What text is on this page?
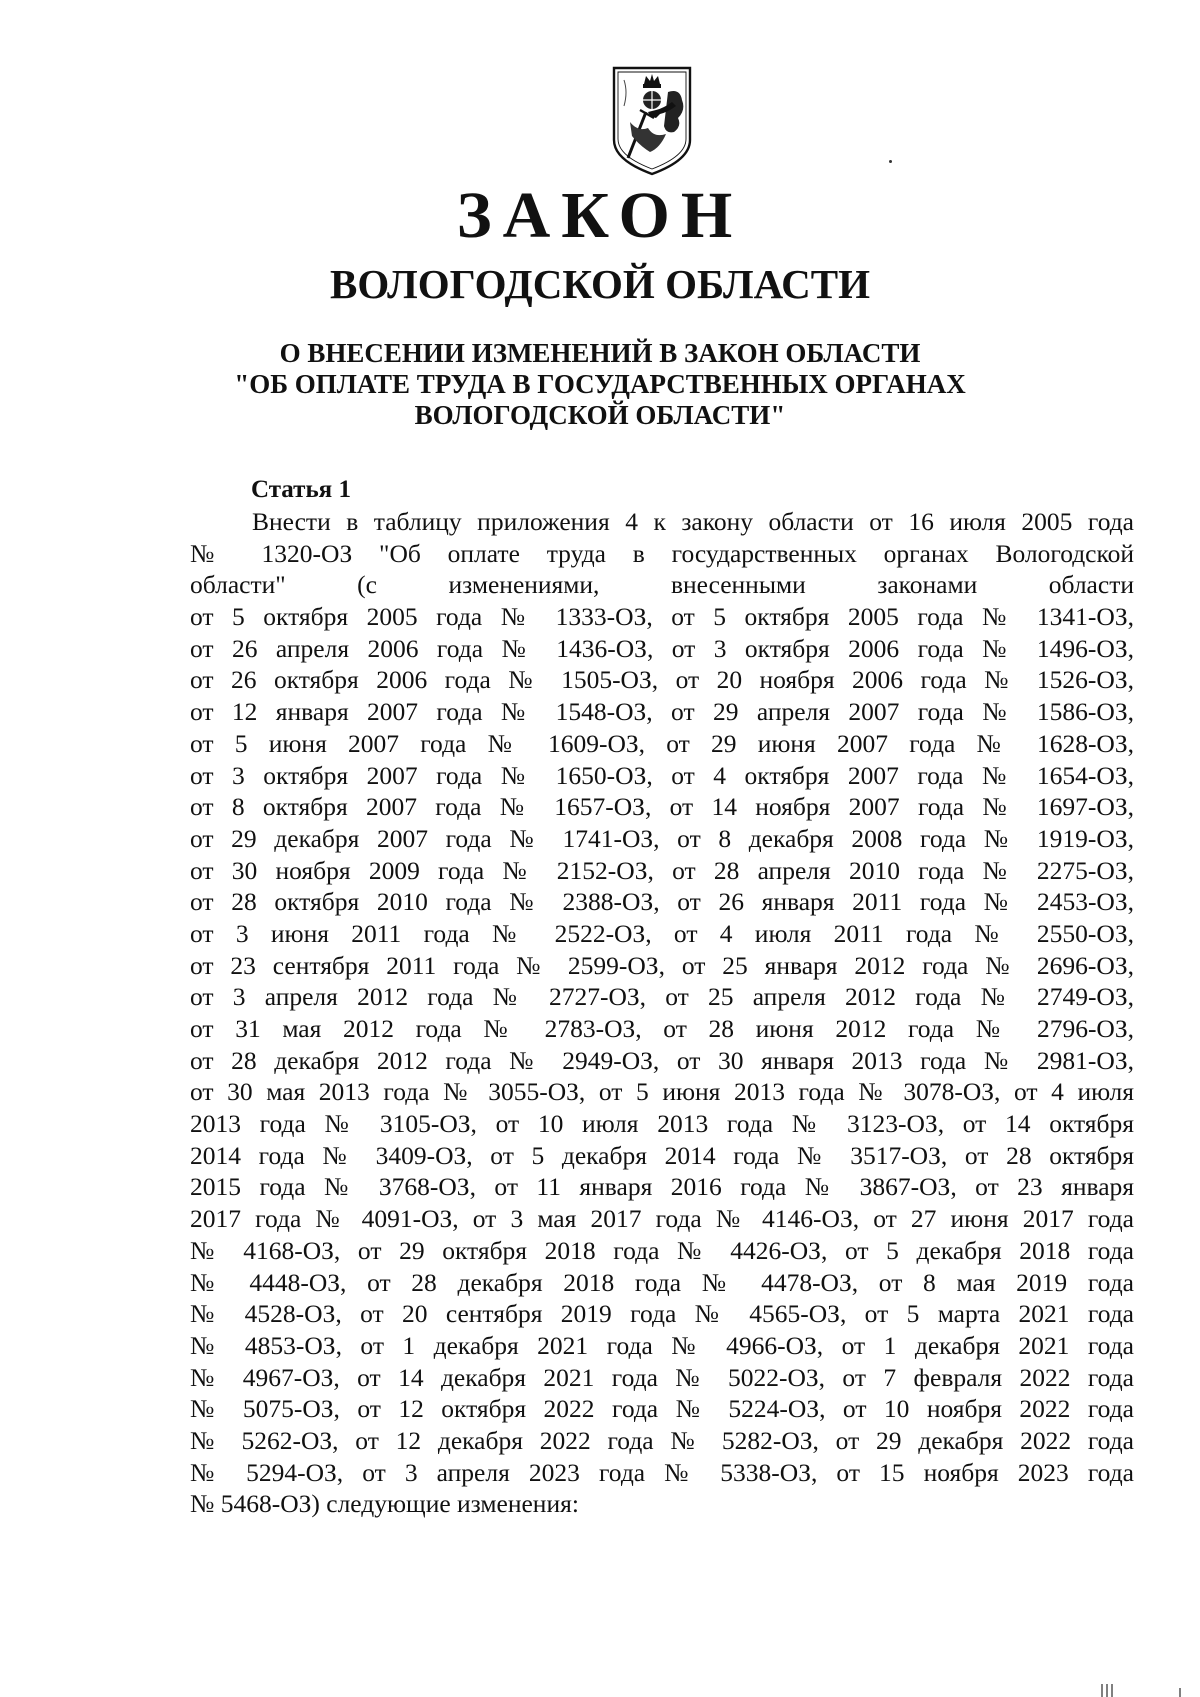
ЗАКОН
ВОЛОГОДСКОЙ ОБЛАСТИ
О ВНЕСЕНИИ ИЗМЕНЕНИЙ В ЗАКОН ОБЛАСТИ
"ОБ ОПЛАТЕ ТРУДА В ГОСУДАРСТВЕННЫХ ОРГАНАХ
ВОЛОГОДСКОЙ ОБЛАСТИ"
Статья 1
Внести в таблицу приложения 4 к закону области от 16 июля 2005 года
№ 1320-ОЗ "Об оплате труда в государственных органах Вологодской
области" (с изменениями, внесенными законами области
от 5 октября 2005 года № 1333-ОЗ, от 5 октября 2005 года № 1341-ОЗ,
от 26 апреля 2006 года № 1436-ОЗ, от 3 октября 2006 года № 1496-ОЗ,
от 26 октября 2006 года № 1505-ОЗ, от 20 ноября 2006 года № 1526-ОЗ,
от 12 января 2007 года № 1548-ОЗ, от 29 апреля 2007 года № 1586-ОЗ,
от 5 июня 2007 года № 1609-ОЗ, от 29 июня 2007 года № 1628-ОЗ,
от 3 октября 2007 года № 1650-ОЗ, от 4 октября 2007 года № 1654-ОЗ,
от 8 октября 2007 года № 1657-ОЗ, от 14 ноября 2007 года № 1697-ОЗ,
от 29 декабря 2007 года № 1741-ОЗ, от 8 декабря 2008 года № 1919-ОЗ,
от 30 ноября 2009 года № 2152-ОЗ, от 28 апреля 2010 года № 2275-ОЗ,
от 28 октября 2010 года № 2388-ОЗ, от 26 января 2011 года № 2453-ОЗ,
от 3 июня 2011 года № 2522-ОЗ, от 4 июля 2011 года № 2550-ОЗ,
от 23 сентября 2011 года № 2599-ОЗ, от 25 января 2012 года № 2696-ОЗ,
от 3 апреля 2012 года № 2727-ОЗ, от 25 апреля 2012 года № 2749-ОЗ,
от 31 мая 2012 года № 2783-ОЗ, от 28 июня 2012 года № 2796-ОЗ,
от 28 декабря 2012 года № 2949-ОЗ, от 30 января 2013 года № 2981-ОЗ,
от 30 мая 2013 года № 3055-ОЗ, от 5 июня 2013 года № 3078-ОЗ, от 4 июля
2013 года № 3105-ОЗ, от 10 июля 2013 года № 3123-ОЗ, от 14 октября
2014 года № 3409-ОЗ, от 5 декабря 2014 года № 3517-ОЗ, от 28 октября
2015 года № 3768-ОЗ, от 11 января 2016 года № 3867-ОЗ, от 23 января
2017 года № 4091-ОЗ, от 3 мая 2017 года № 4146-ОЗ, от 27 июня 2017 года
№ 4168-ОЗ, от 29 октября 2018 года № 4426-ОЗ, от 5 декабря 2018 года
№ 4448-ОЗ, от 28 декабря 2018 года № 4478-ОЗ, от 8 мая 2019 года
№ 4528-ОЗ, от 20 сентября 2019 года № 4565-ОЗ, от 5 марта 2021 года
№ 4853-ОЗ, от 1 декабря 2021 года № 4966-ОЗ, от 1 декабря 2021 года
№ 4967-ОЗ, от 14 декабря 2021 года № 5022-ОЗ, от 7 февраля 2022 года
№ 5075-ОЗ, от 12 октября 2022 года № 5224-ОЗ, от 10 ноября 2022 года
№ 5262-ОЗ, от 12 декабря 2022 года № 5282-ОЗ, от 29 декабря 2022 года
№ 5294-ОЗ, от 3 апреля 2023 года № 5338-ОЗ, от 15 ноября 2023 года
№ 5468-ОЗ) следующие изменения:
